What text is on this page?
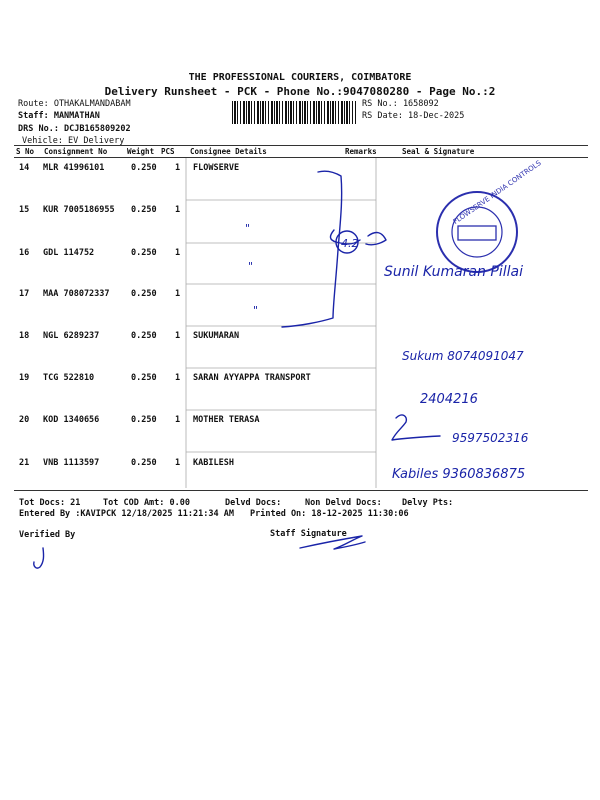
THE PROFESSIONAL COURIERS, COIMBATORE
Delivery Runsheet - PCK - Phone No.:9047080280 - Page No.:2
Route: OTHAKALMANDABAM
Staff: MANMATHAN
DRS No.: DCJB165809202
Vehicle: EV Delivery
RS No.: 1658092
RS Date: 18-Dec-2025
S No Consignment No	Weight PCS Consignee Details	Remarks	Seal & Signature
14 MLR 41996101	0.250 1 FLOWSERVE
15 KUR 7005186955 0.250 1
16 GDL 114752	0.250 1
17 MAA 708072337	0.250 1
18 NGL 6289237	0.250 1 SUKUMARAN
19 TCG 522810	0.250 1 SARAN AYYAPPA TRANSPORT
20 KOD 1340656	0.250 1 MOTHER TERASA
21 VNB 1113597	0.250 1 KABILESH
Tot Docs: 21	Tot COD Amt: 0.00	Delvd Docs:	Non Delvd Docs: Delvy Pts:
Entered By :KAVIPCK 12/18/2025 11:21:34 AM Printed On: 18-12-2025 11:30:06
Verified By	Staff Signature
FLOWSERVE INDIA CONTROLS
"
"
"
4.2
Sunil Kumaran Pillai
Sukum 8074091047
2404216
9597502316
Kabiles 9360836875
